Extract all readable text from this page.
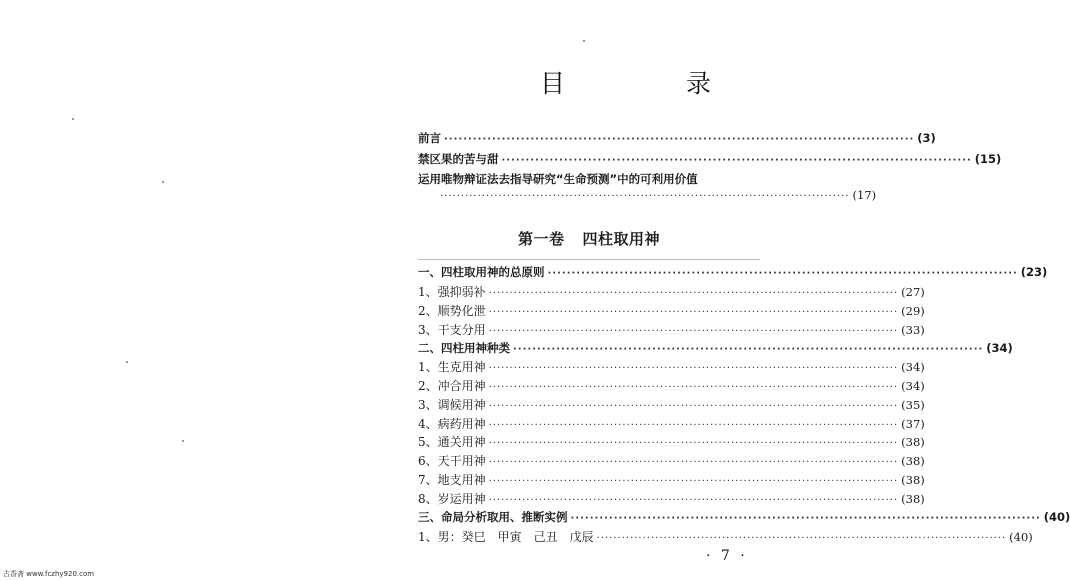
目　录
前言 ·································································································· (3)
禁区果的苦与甜 ·································································································· (15)
运用唯物辩证法去指导研究“生命预测”中的可利用价值
·································································································· (17)
第一卷 四柱取用神
一、四柱取用神的总原则 ·································································································· (23)
1、强抑弱补 ·································································································· (27)
2、顺势化泄 ·································································································· (29)
3、干支分用 ·································································································· (33)
二、四柱用神种类 ·································································································· (34)
1、生克用神 ·································································································· (34)
2、冲合用神 ·································································································· (34)
3、调候用神 ·································································································· (35)
4、病药用神 ·································································································· (37)
5、通关用神 ·································································································· (38)
6、天干用神 ·································································································· (38)
7、地支用神 ·································································································· (38)
8、岁运用神 ·································································································· (38)
三、命局分析取用、推断实例 ·································································································· (40)
1、男：癸巳　甲寅　己丑　戊辰 ·································································································· (40)
· 7 ·
古香斋 www.fczhy920.com
